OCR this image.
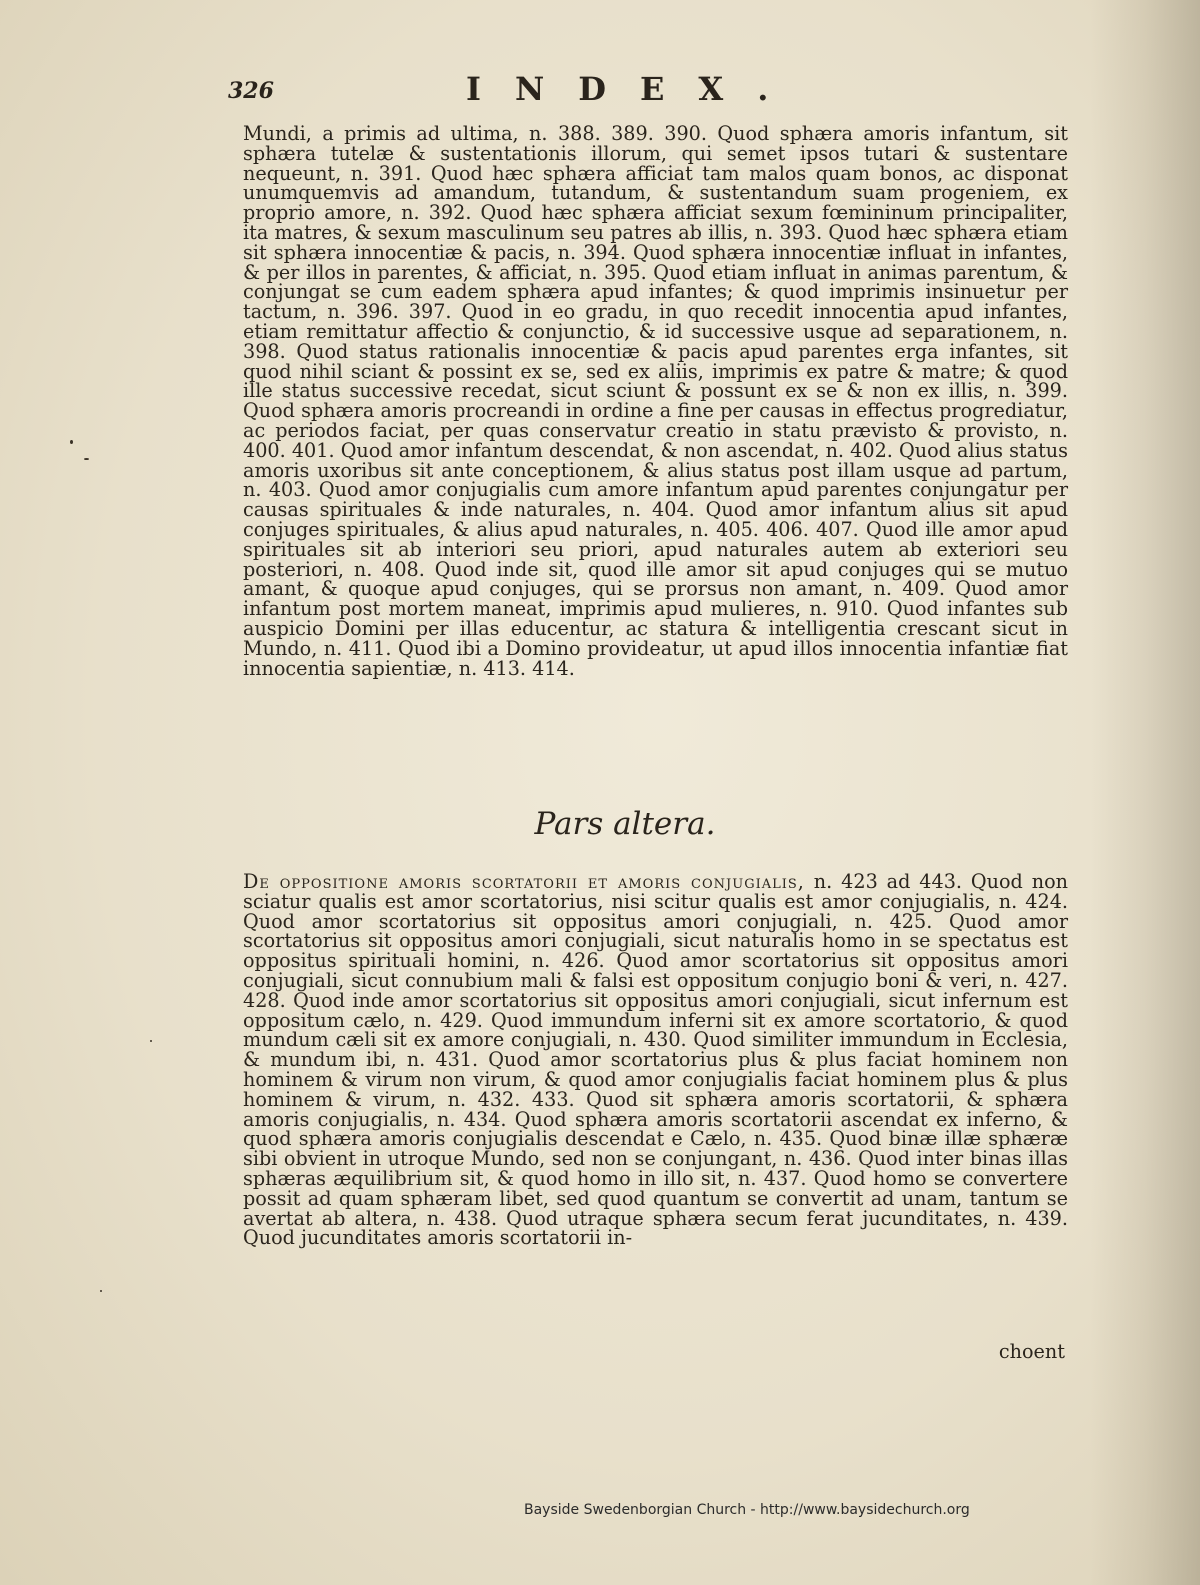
326	INDEX.

Mundi, a primis ad ultima, n. 388. 389. 390. Quod sphæra amoris infantum, sit sphæra tutelæ & sustentationis illorum, qui semet ipsos tutari & sustentare nequeunt, n. 391. Quod hæc sphæra afficiat tam malos quam bonos, ac disponat unumquemvis ad amandum, tutandum, & sustentandum suam progeniem, ex proprio amore, n. 392. Quod hæc sphæra afficiat sexum fœmininum principaliter, ita matres, & sexum masculinum seu patres ab illis, n. 393. Quod hæc sphæra etiam sit sphæra innocentiæ & pacis, n. 394. Quod sphæra innocentiæ influat in infantes, & per illos in parentes, & afficiat, n. 395. Quod etiam influat in animas parentum, & conjungat se cum eadem sphæra apud infantes; & quod imprimis insinuetur per tactum, n. 396. 397. Quod in eo gradu, in quo recedit innocentia apud infantes, etiam remittatur affectio & conjunctio, & id successive usque ad separationem, n. 398. Quod status rationalis innocentiæ & pacis apud parentes erga infantes, sit quod nihil sciant & possint ex se, sed ex aliis, imprimis ex patre & matre; & quod ille status successive recedat, sicut sciunt & possunt ex se & non ex illis, n. 399. Quod sphæra amoris procreandi in ordine a fine per causas in effectus progrediatur, ac periodos faciat, per quas conservatur creatio in statu prævisto & provisto, n. 400. 401. Quod amor infantum descendat, & non ascendat, n. 402. Quod alius status amoris uxoribus sit ante conceptionem, & alius status post illam usque ad partum, n. 403. Quod amor conjugialis cum amore infantum apud parentes conjungatur per causas spirituales & inde naturales, n. 404. Quod amor infantum alius sit apud conjuges spirituales, & alius apud naturales, n. 405. 406. 407. Quod ille amor apud spirituales sit ab interiori seu priori, apud naturales autem ab exteriori seu posteriori, n. 408. Quod inde sit, quod ille amor sit apud conjuges qui se mutuo amant, & quoque apud conjuges, qui se prorsus non amant, n. 409. Quod amor infantum post mortem maneat, imprimis apud mulieres, n. 910. Quod infantes sub auspicio Domini per illas educentur, ac statura & intelligentia crescant sicut in Mundo, n. 411. Quod ibi a Domino provideatur, ut apud illos innocentia infantiæ fiat innocentia sapientiæ, n. 413. 414.

Pars altera.

De oppositione amoris scortatorii et amoris conjugialis, n. 423 ad 443. Quod non sciatur qualis est amor scortatorius, nisi scitur qualis est amor conjugialis, n. 424. Quod amor scortatorius sit oppositus amori conjugiali, n. 425. Quod amor scortatorius sit oppositus amori conjugiali, sicut naturalis homo in se spectatus est oppositus spirituali homini, n. 426. Quod amor scortatorius sit oppositus amori conjugiali, sicut connubium mali & falsi est oppositum conjugio boni & veri, n. 427. 428. Quod inde amor scortatorius sit oppositus amori conjugiali, sicut infernum est oppositum cælo, n. 429. Quod immundum inferni sit ex amore scortatorio, & quod mundum cæli sit ex amore conjugiali, n. 430. Quod similiter immundum in Ecclesia, & mundum ibi, n. 431. Quod amor scortatorius plus & plus faciat hominem non hominem & virum non virum, & quod amor conjugialis faciat hominem plus & plus hominem & virum, n. 432. 433. Quod sit sphæra amoris scortatorii, & sphæra amoris conjugialis, n. 434. Quod sphæra amoris scortatorii ascendat ex inferno, & quod sphæra amoris conjugialis descendat e Cælo, n. 435. Quod binæ illæ sphæræ sibi obvient in utroque Mundo, sed non se conjungant, n. 436. Quod inter binas illas sphæras æquilibrium sit, & quod homo in illo sit, n. 437. Quod homo se convertere possit ad quam sphæram libet, sed quod quantum se convertit ad unam, tantum se avertat ab altera, n. 438. Quod utraque sphæra secum ferat jucunditates, n. 439. Quod jucunditates amoris scortatorii in-

choent
Bayside Swedenborgian Church - http://www.baysidechurch.org
